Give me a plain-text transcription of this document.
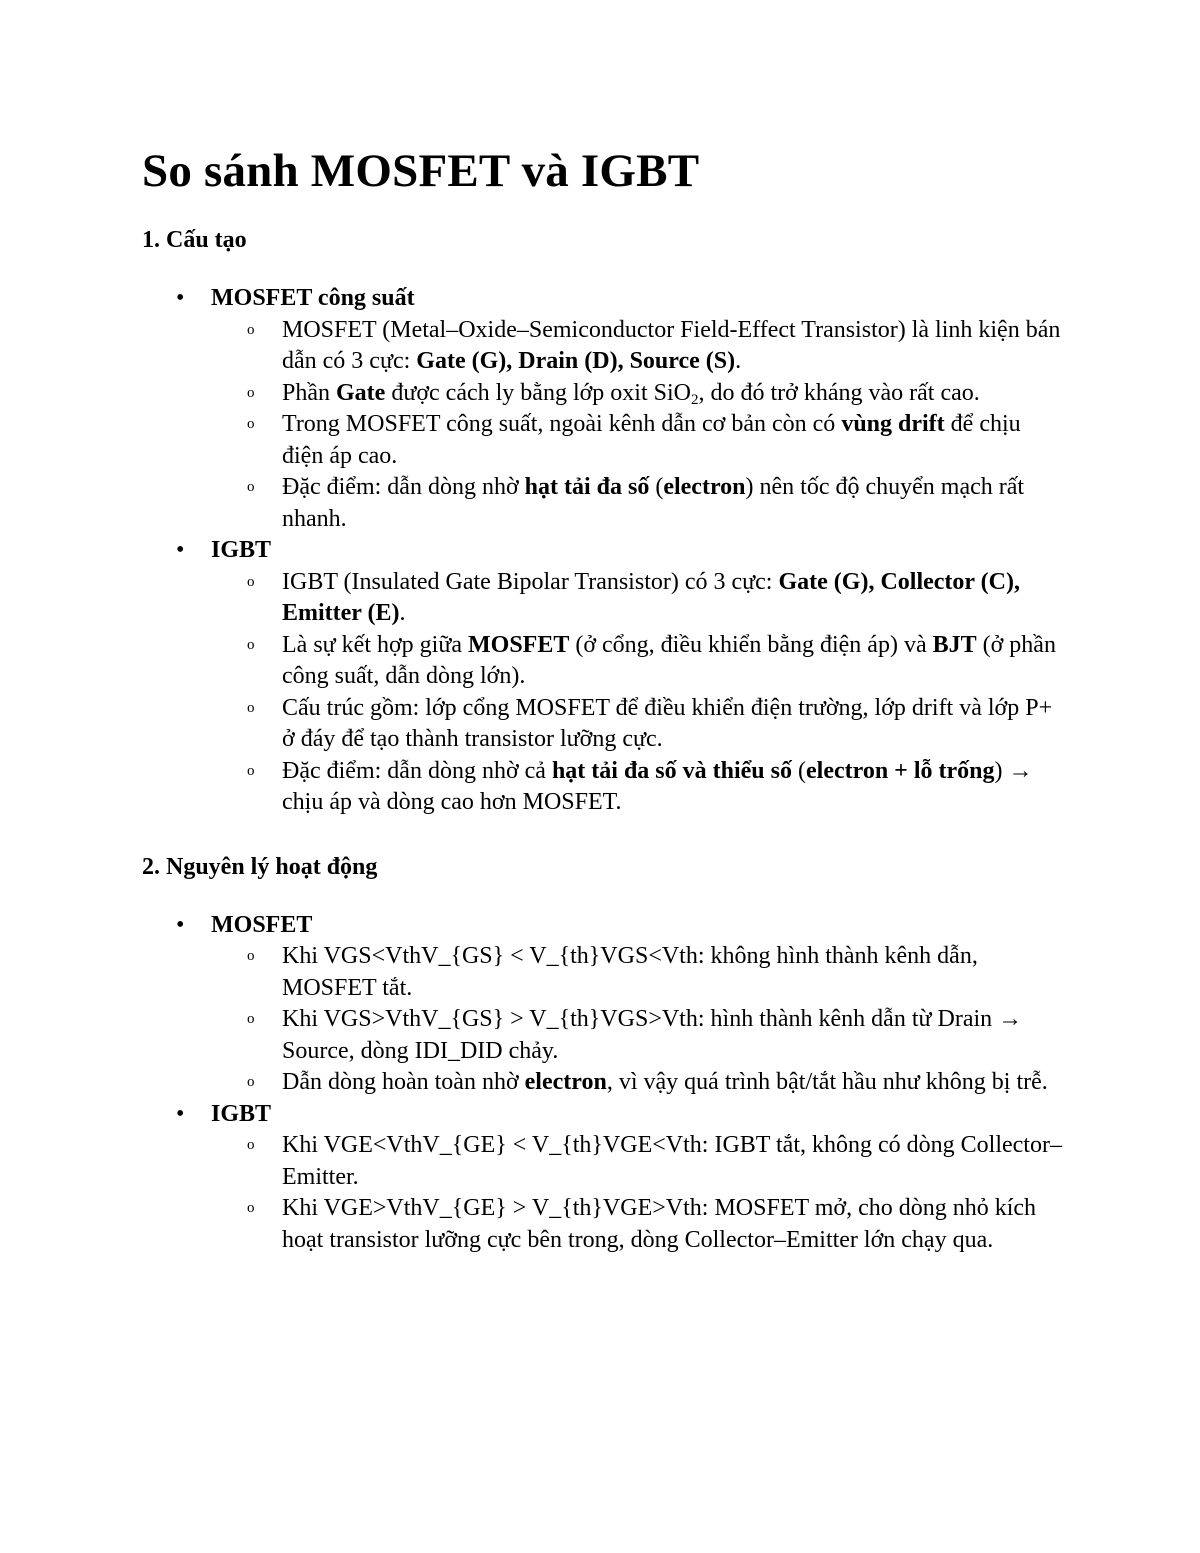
So sánh MOSFET và IGBT
1. Cấu tạo
• MOSFET công suất
o MOSFET (Metal–Oxide–Semiconductor Field-Effect Transistor) là linh kiện bán dẫn có 3 cực: Gate (G), Drain (D), Source (S).
o Phần Gate được cách ly bằng lớp oxit SiO$_2$, do đó trở kháng vào rất cao.
o Trong MOSFET công suất, ngoài kênh dẫn cơ bản còn có vùng drift để chịu điện áp cao.
o Đặc điểm: dẫn dòng nhờ hạt tải đa số (electron) nên tốc độ chuyển mạch rất nhanh.
• IGBT
o IGBT (Insulated Gate Bipolar Transistor) có 3 cực: Gate (G), Collector (C), Emitter (E).
o Là sự kết hợp giữa MOSFET (ở cổng, điều khiển bằng điện áp) và BJT (ở phần công suất, dẫn dòng lớn).
o Cấu trúc gồm: lớp cổng MOSFET để điều khiển điện trường, lớp drift và lớp P+ ở đáy để tạo thành transistor lưỡng cực.
o Đặc điểm: dẫn dòng nhờ cả hạt tải đa số và thiểu số (electron + lỗ trống) → chịu áp và dòng cao hơn MOSFET.
2. Nguyên lý hoạt động
• MOSFET
o Khi VGS<VthV_{GS} < V_{th}VGS<Vth: không hình thành kênh dẫn, MOSFET tắt.
o Khi VGS>VthV_{GS} > V_{th}VGS>Vth: hình thành kênh dẫn từ Drain → Source, dòng IDI_DID chảy.
o Dẫn dòng hoàn toàn nhờ electron, vì vậy quá trình bật/tắt hầu như không bị trễ.
• IGBT
o Khi VGE<VthV_{GE} < V_{th}VGE<Vth: IGBT tắt, không có dòng Collector–Emitter.
o Khi VGE>VthV_{GE} > V_{th}VGE>Vth: MOSFET mở, cho dòng nhỏ kích hoạt transistor lưỡng cực bên trong, dòng Collector–Emitter lớn chạy qua.
